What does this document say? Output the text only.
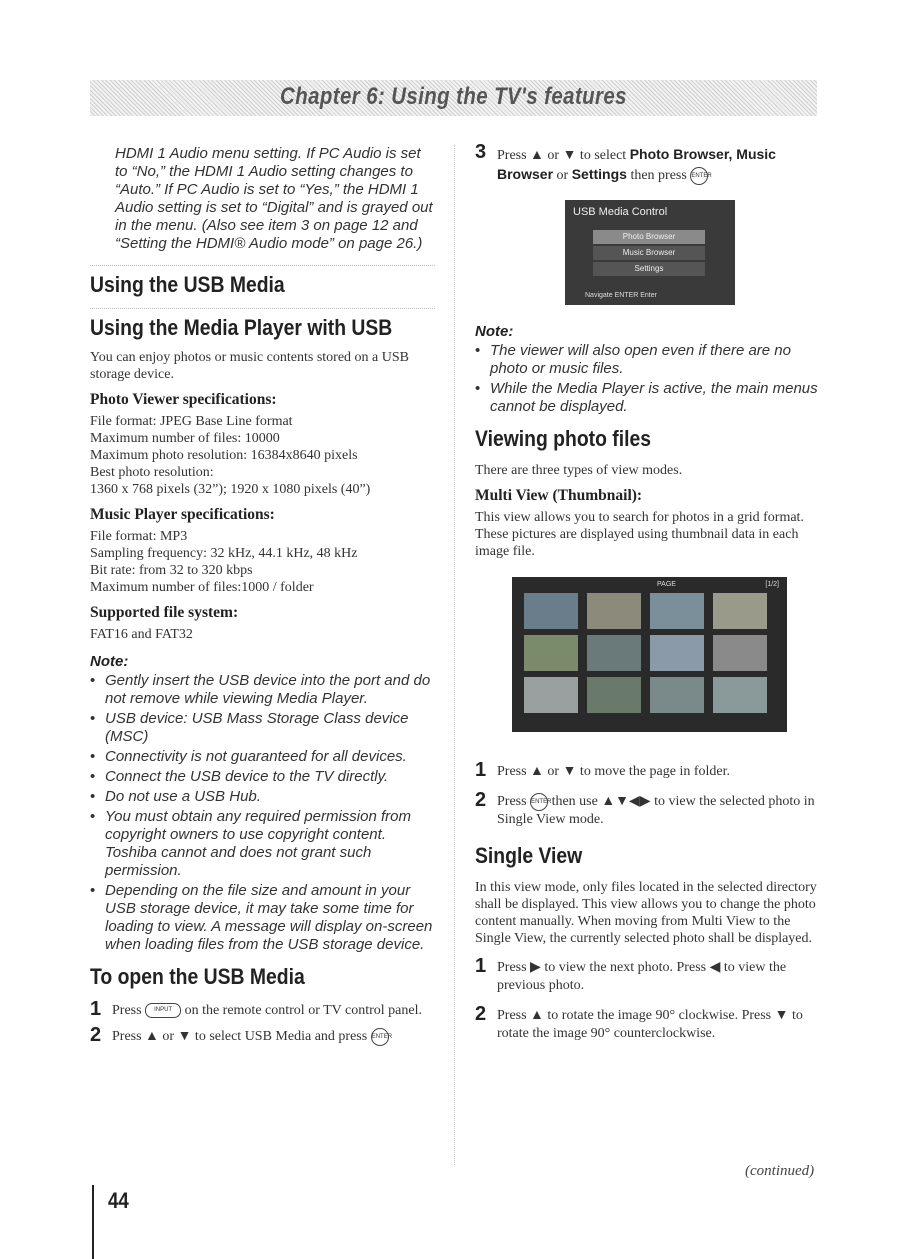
Chapter 6: Using the TV's features

HDMI 1 Audio menu setting. If PC Audio is set to “No,” the HDMI 1 Audio setting changes to “Auto.” If PC Audio is set to “Yes,” the HDMI 1 Audio setting is set to “Digital” and is grayed out in the menu. (Also see item 3 on page 12 and “Setting the HDMI® Audio mode” on page 26.)

Using the USB Media
Using the Media Player with USB

You can enjoy photos or music contents stored on a USB storage device.

Photo Viewer specifications:

File format: JPEG Base Line format

Maximum number of files: 10000

Maximum photo resolution: 16384x8640 pixels

Best photo resolution:

1360 x 768 pixels (32”); 1920 x 1080 pixels (40”)

Music Player specifications:

File format: MP3

Sampling frequency: 32 kHz, 44.1 kHz, 48 kHz

Bit rate: from 32 to 320 kbps

Maximum number of files:1000 / folder

Supported file system:

FAT16 and FAT32

Note:

• Gently insert the USB device into the port and do not remove while viewing Media Player.

• USB device: USB Mass Storage Class device (MSC)

• Connectivity is not guaranteed for all devices.

• Connect the USB device to the TV directly.

• Do not use a USB Hub.

• You must obtain any required permission from copyright owners to use copyright content. Toshiba cannot and does not grant such permission.

• Depending on the file size and amount in your USB storage device, it may take some time for loading to view. A message will display on-screen when loading files from the USB storage device.

To open the USB Media
1 Press INPUT on the remote control or TV control panel.
2 Press ▲ or ▼ to select USB Media and press ENTER
3 Press ▲ or ▼ to select Photo Browser, Music Browser or Settings then press ENTER
USB Media Control
Photo Browser
Music Browser
Settings
Navigate ENTER Enter
Note:

• The viewer will also open even if there are no photo or music files.

• While the Media Player is active, the main menus cannot be displayed.

Viewing photo files

There are three types of view modes.

Multi View (Thumbnail):

This view allows you to search for photos in a grid format. These pictures are displayed using thumbnail data in each image file.

PAGE	[1/2]
1 Press ▲ or ▼ to move the page in folder.
2 Press ENTER then use ▲▼◀▶ to view the selected photo in Single View mode.
Single View

In this view mode, only files located in the selected directory shall be displayed. This view allows you to change the photo content manually. When moving from Multi View to the Single View, the currently selected photo shall be displayed.

1 Press ▶ to view the next photo. Press ◀ to view the previous photo.
2 Press ▲ to rotate the image 90° clockwise. Press ▼ to rotate the image 90° counterclockwise.
(continued)
44
